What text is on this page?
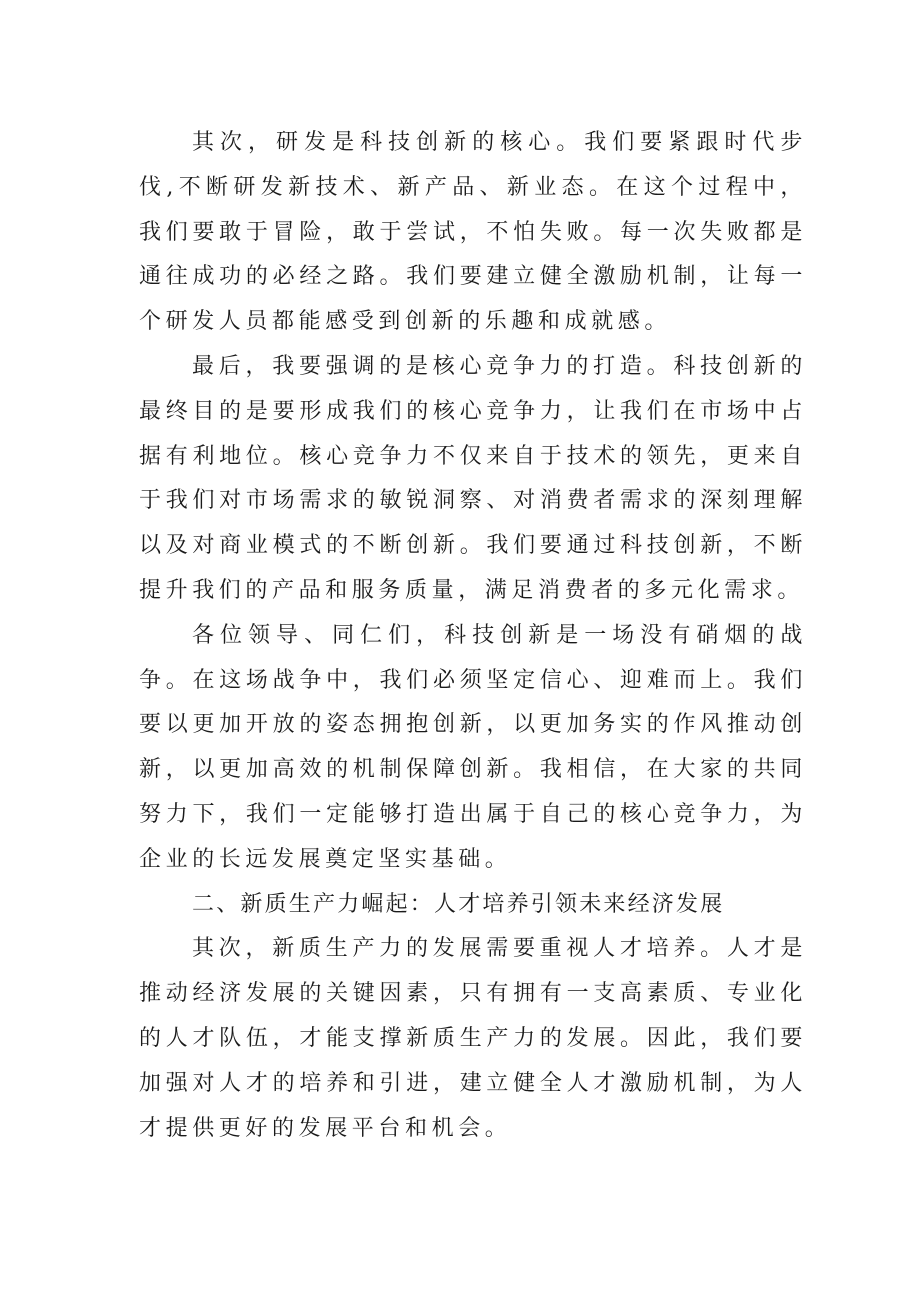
其次，研发是科技创新的核心。我们要紧跟时代步伐,不断研发新技术、新产品、新业态。在这个过程中，我们要敢于冒险，敢于尝试，不怕失败。每一次失败都是通往成功的必经之路。我们要建立健全激励机制，让每一个研发人员都能感受到创新的乐趣和成就感。

最后，我要强调的是核心竞争力的打造。科技创新的最终目的是要形成我们的核心竞争力，让我们在市场中占据有利地位。核心竞争力不仅来自于技术的领先，更来自于我们对市场需求的敏锐洞察、对消费者需求的深刻理解以及对商业模式的不断创新。我们要通过科技创新，不断提升我们的产品和服务质量，满足消费者的多元化需求。

各位领导、同仁们，科技创新是一场没有硝烟的战争。在这场战争中，我们必须坚定信心、迎难而上。我们要以更加开放的姿态拥抱创新，以更加务实的作风推动创新，以更加高效的机制保障创新。我相信，在大家的共同努力下，我们一定能够打造出属于自己的核心竞争力，为企业的长远发展奠定坚实基础。

二、新质生产力崛起：人才培养引领未来经济发展

其次，新质生产力的发展需要重视人才培养。人才是推动经济发展的关键因素，只有拥有一支高素质、专业化的人才队伍，才能支撑新质生产力的发展。因此，我们要加强对人才的培养和引进，建立健全人才激励机制，为人才提供更好的发展平台和机会。
